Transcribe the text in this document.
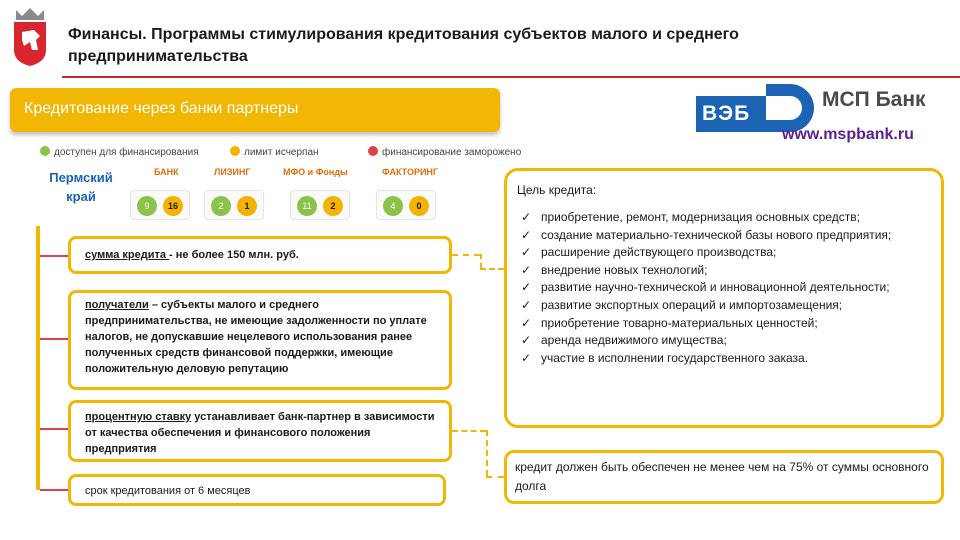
Финансы. Программы стимулирования кредитования субъектов малого и среднего предпринимательства
Кредитование через банки партнеры	ВЭБ
МСП Банк
www.mspbank.ru
доступен для финансирования	лимит исчерпан	финансирование заморожено
Пермский край
БАНК	ЛИЗИНГ	МФО и Фонды	ФАКТОРИНГ
9	16	2	1	11	2	4	0
сумма кредита - не более 150 млн. руб.
получатели – субъекты малого и среднего предпринимательства, не имеющие задолженности по уплате налогов, не допускавшие нецелевого использования ранее полученных средств финансовой поддержки, имеющие положительную деловую репутацию
процентную ставку устанавливает банк-партнер в зависимости от качества обеспечения и финансового положения предприятия
срок кредитования от 6 месяцев
Цель кредита:
✓ приобретение, ремонт, модернизация основных средств;
✓ создание материально-технической базы нового предприятия;
✓ расширение действующего производства;
✓ внедрение новых технологий;
✓ развитие научно-технической и инновационной деятельности;
✓ развитие экспортных операций и импортозамещения;
✓ приобретение товарно-материальных ценностей;
✓ аренда недвижимого имущества;
✓ участие в исполнении государственного заказа.
кредит должен быть обеспечен не менее чем на 75% от суммы основного долга
